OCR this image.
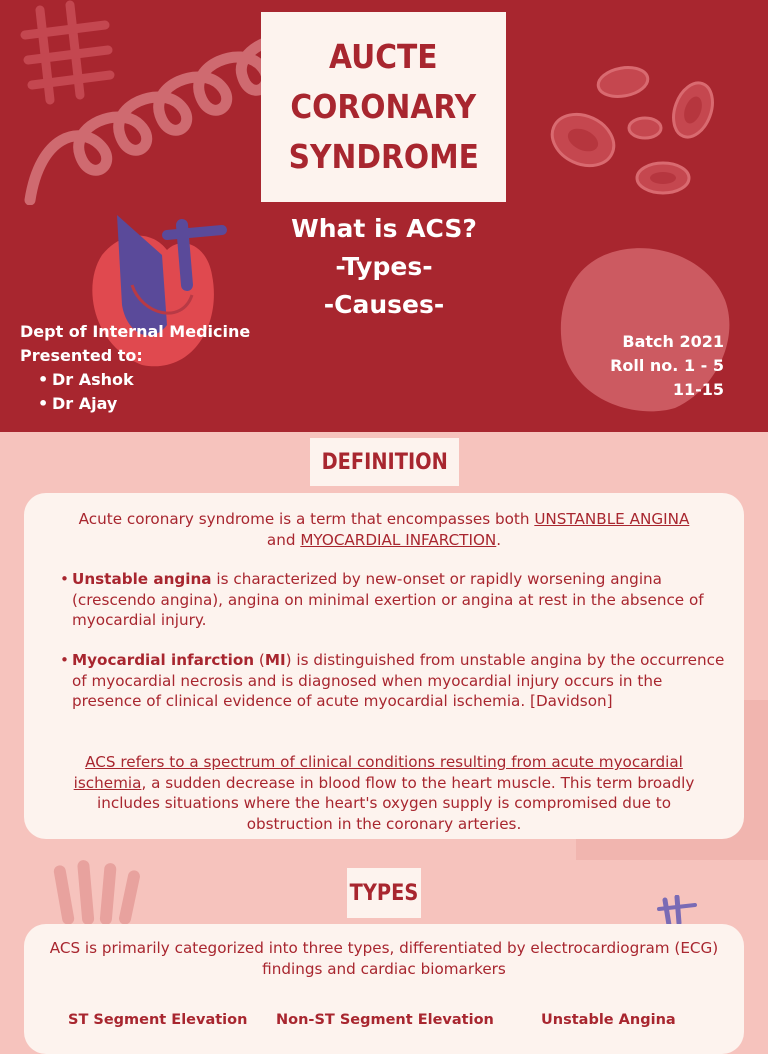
AUCTE
CORONARY
SYNDROME
What is ACS?
-Types-
-Causes-
Dept of Internal Medicine
Presented to:
• Dr Ashok
• Dr Ajay
Batch 2021
Roll no. 1 - 5
11-15
DEFINITION

Acute coronary syndrome is a term that encompasses both UNSTANBLE ANGINA
and MYOCARDIAL INFARCTION.

• Unstable angina is characterized by new-onset or rapidly worsening angina (crescendo angina), angina on minimal exertion or angina at rest in the absence of myocardial injury.

• Myocardial infarction (MI) is distinguished from unstable angina by the occurrence of myocardial necrosis and is diagnosed when myocardial injury occurs in the presence of clinical evidence of acute myocardial ischemia. [Davidson]

ACS refers to a spectrum of clinical conditions resulting from acute myocardial ischemia, a sudden decrease in blood flow to the heart muscle. This term broadly includes situations where the heart's oxygen supply is compromised due to obstruction in the coronary arteries.

TYPES

ACS is primarily categorized into three types, differentiated by electrocardiogram (ECG) findings and cardiac biomarkers

ST Segment Elevation Non-ST Segment Elevation	Unstable Angina
